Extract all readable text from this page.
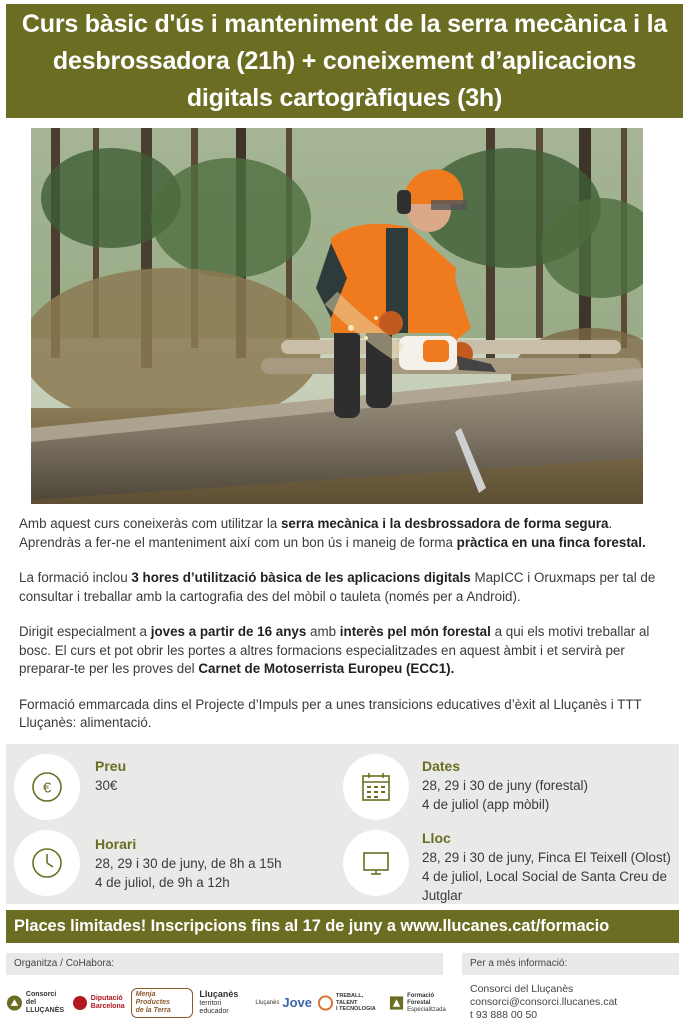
Curs bàsic d'ús i manteniment de la serra mecànica i la desbrossadora (21h) + coneixement d’aplicacions digitals cartogràfiques (3h)

Amb aquest curs coneixeràs com utilitzar la serra mecànica i la desbrossadora de forma segura. Aprendràs a fer-ne el manteniment així com un bon ús i maneig de forma pràctica en una finca forestal.

La formació inclou 3 hores d’utilització bàsica de les aplicacions digitals MapICC i Oruxmaps per tal de consultar i treballar amb la cartografia des del mòbil o tauleta (només per a Android).

Dirigit especialment a joves a partir de 16 anys amb interès pel món forestal a qui els motivi treballar al bosc. El curs et pot obrir les portes a altres formacions especialitzades en aquest àmbit i et servirà per preparar-te per les proves del Carnet de Motoserrista Europeu (ECC1).

Formació emmarcada dins el Projecte d’Impuls per a unes transicions educatives d’èxit al Lluçanès i TTT Lluçanès: alimentació.

€
Preu
30€
Dates
28, 29 i 30 de juny (forestal)
4 de juliol (app mòbil)
Horari
28, 29 i 30 de juny, de 8h a 15h
4 de juliol, de 9h a 12h
Lloc
28, 29 i 30 de juny, Finca El Teixell (Olost)
4 de juliol, Local Social de Santa Creu de Jutglar
Places limitades! Inscripcions fins al 17 de juny a www.llucanes.cat/formacio
Organitza / CoHabora:	Per a més informació:
Consorci del
LLUÇANÈS
Diputació
Barcelona
Menja Productes
de la Terra
Lluçanès
territori educador
Lluçanès Jove	TREBALL, TALENT
I TECNOLOGIA
Formació Forestal
Especialitzada
Consorci del Lluçanès
consorci@consorci.llucanes.cat
t 93 888 00 50
